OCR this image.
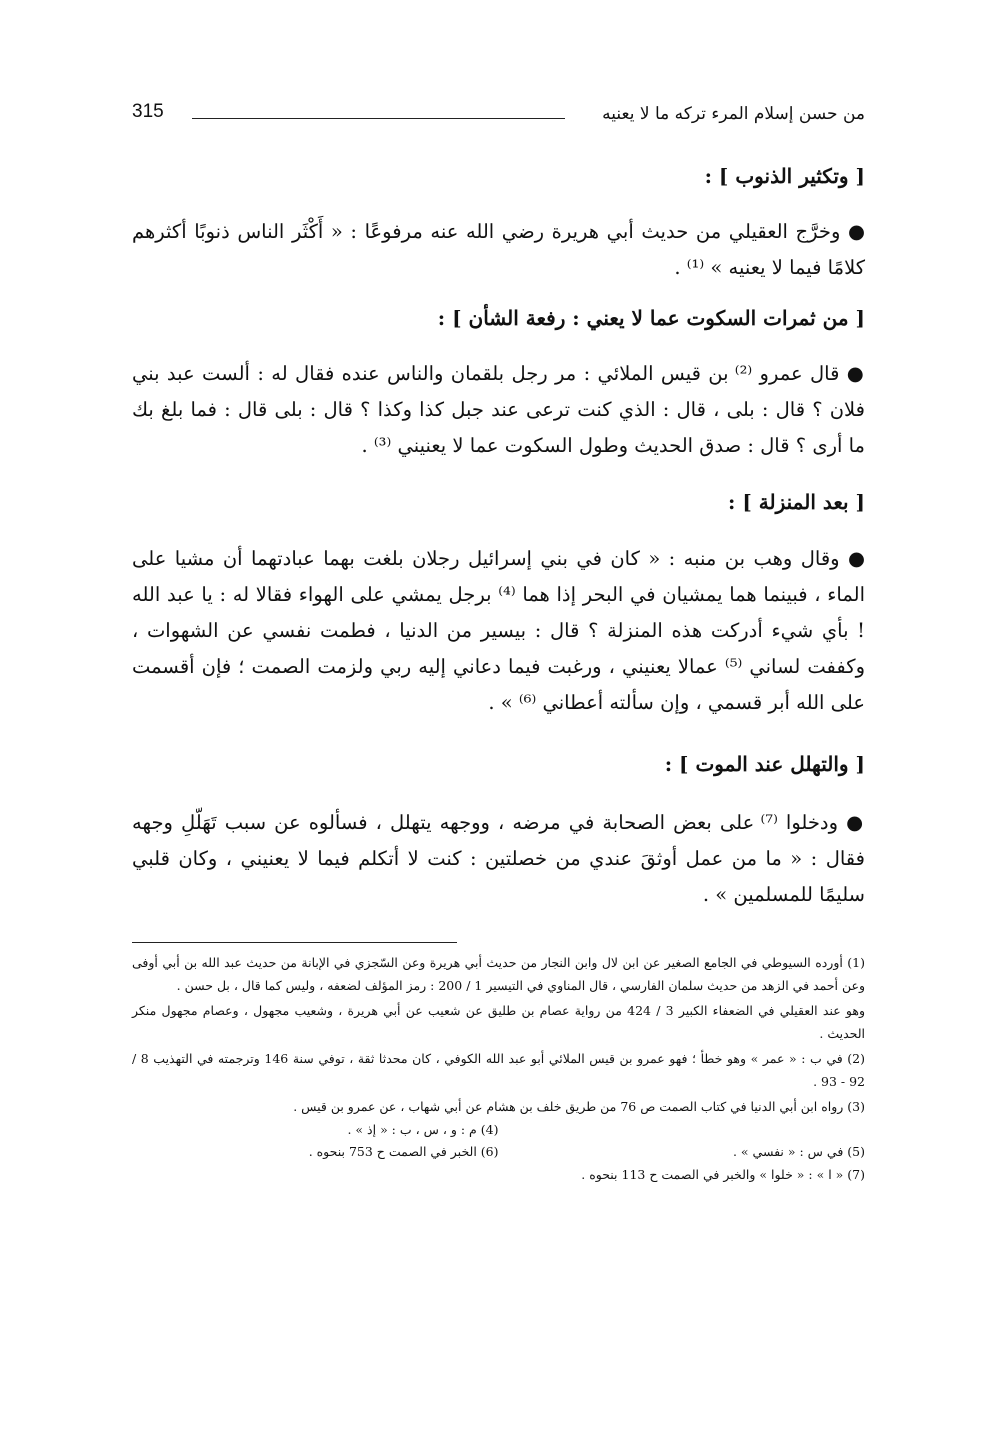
من حسن إسلام المرء تركه ما لا يعنيه
315
[ وتكثير الذنوب ] :
● وخرَّج العقيلي من حديث أبي هريرة رضي الله عنه مرفوعًا : « أَكْثَر الناس ذنوبًا أكثرهم كلامًا فيما لا يعنيه » ⁽¹⁾ .
[ من ثمرات السكوت عما لا يعني : رفعة الشأن ] :
● قال عمرو ⁽²⁾ بن قيس الملائي : مر رجل بلقمان والناس عنده فقال له : ألست عبد بني فلان ؟ قال : بلى ، قال : الذي كنت ترعى عند جبل كذا وكذا ؟ قال : بلى قال : فما بلغ بك ما أرى ؟ قال : صدق الحديث وطول السكوت عما لا يعنيني ⁽³⁾ .
[ بعد المنزلة ] :
● وقال وهب بن منبه : « كان في بني إسرائيل رجلان بلغت بهما عبادتهما أن مشيا على الماء ، فبينما هما يمشيان في البحر إذا هما ⁽⁴⁾ برجل يمشي على الهواء فقالا له : يا عبد الله ! بأي شيء أدركت هذه المنزلة ؟ قال : بيسير من الدنيا ، فطمت نفسي عن الشهوات ، وكففت لساني ⁽⁵⁾ عمالا يعنيني ، ورغبت فيما دعاني إليه ربي ولزمت الصمت ؛ فإن أقسمت على الله أبر قسمي ، وإن سألته أعطاني ⁽⁶⁾ » .
[ والتهلل عند الموت ] :
● ودخلوا ⁽⁷⁾ على بعض الصحابة في مرضه ، ووجهه يتهلل ، فسألوه عن سبب تَهَلّلِ وجهه فقال : « ما من عمل أوثقَ عندي من خصلتين : كنت لا أتكلم فيما لا يعنيني ، وكان قلبي سليمًا للمسلمين » .
(1) أورده السيوطي في الجامع الصغير عن ابن لال وابن النجار من حديث أبي هريرة وعن السّجزي في الإبانة من حديث عبد الله بن أبي أوفى وعن أحمد في الزهد من حديث سلمان الفارسي ، قال المناوي في التيسير 1 / 200 : رمز المؤلف لضعفه ، وليس كما قال ، بل حسن .
وهو عند العقيلي في الضعفاء الكبير 3 / 424 من رواية عصام بن طليق عن شعيب عن أبي هريرة ، وشعيب مجهول ، وعصام مجهول منكر الحديث .
(2) في ب : « عمر » وهو خطأ ؛ فهو عمرو بن قيس الملائي أبو عبد الله الكوفي ، كان محدثا ثقة ، توفي سنة 146 وترجمته في التهذيب 8 / 92 - 93 .
(3) رواه ابن أبي الدنيا في كتاب الصمت ص 76 من طريق خلف بن هشام عن أبي شهاب ، عن عمرو بن قيس .
(4) م : و ، س ، ب : « إذ » .
(5) في س : « نفسي » .
(6) الخبر في الصمت ح 753 بنحوه .
(7) « ا » : « خلوا » والخبر في الصمت ح 113 بنحوه .
